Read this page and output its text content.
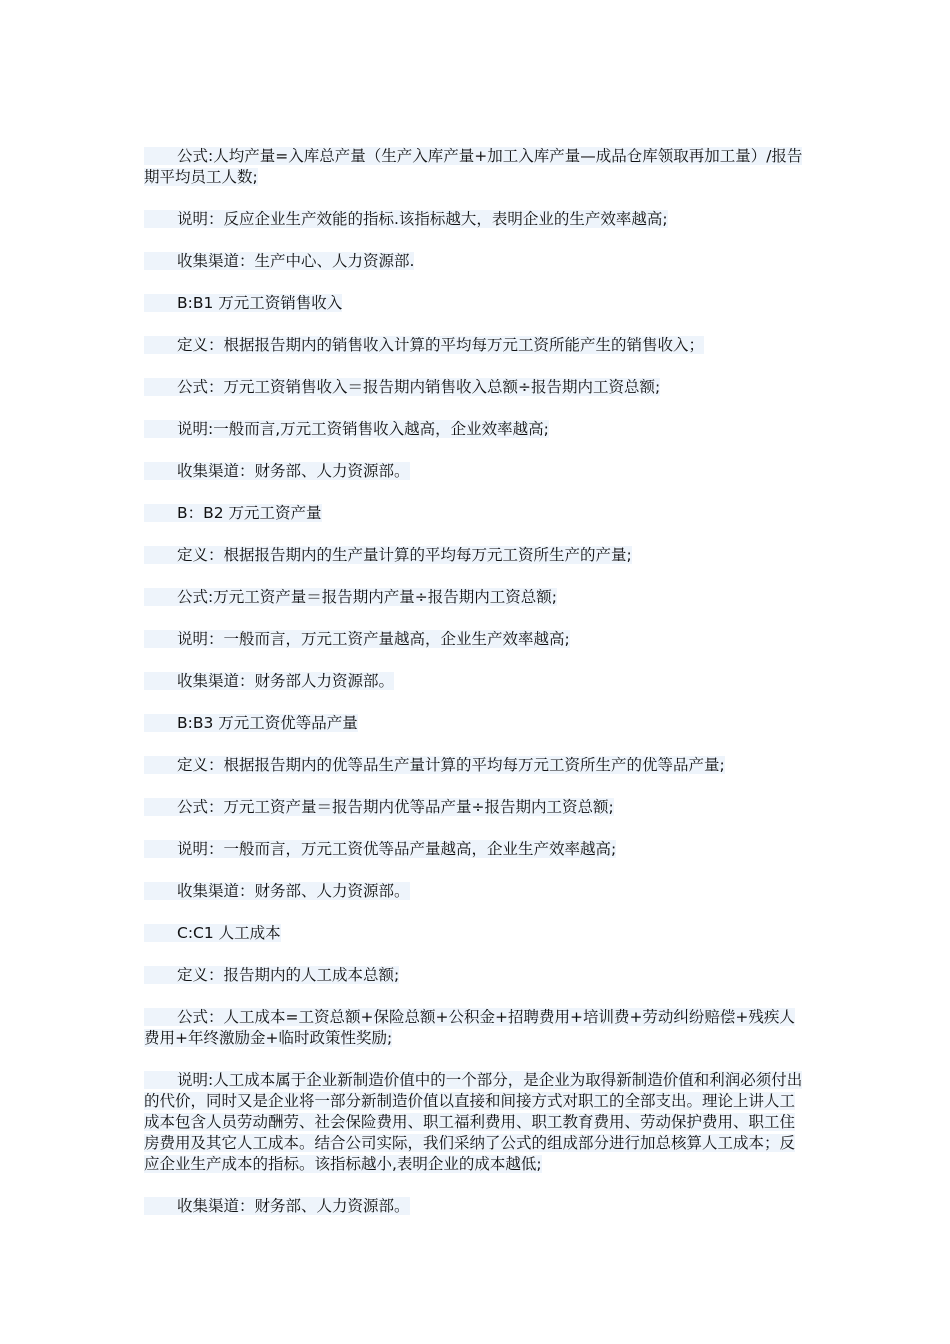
公式:人均产量=入库总产量（生产入库产量+加工入库产量—成品仓库领取再加工量）/报告期平均员工人数;

说明：反应企业生产效能的指标.该指标越大，表明企业的生产效率越高;

收集渠道：生产中心、人力资源部.

B:B1 万元工资销售收入

定义：根据报告期内的销售收入计算的平均每万元工资所能产生的销售收入；

公式：万元工资销售收入＝报告期内销售收入总额÷报告期内工资总额;

说明:一般而言,万元工资销售收入越高，企业效率越高;

收集渠道：财务部、人力资源部。

B：B2 万元工资产量

定义：根据报告期内的生产量计算的平均每万元工资所生产的产量;

公式:万元工资产量＝报告期内产量÷报告期内工资总额;

说明：一般而言，万元工资产量越高，企业生产效率越高;

收集渠道：财务部人力资源部。

B:B3 万元工资优等品产量

定义：根据报告期内的优等品生产量计算的平均每万元工资所生产的优等品产量;

公式：万元工资产量＝报告期内优等品产量÷报告期内工资总额;

说明：一般而言，万元工资优等品产量越高，企业生产效率越高;

收集渠道：财务部、人力资源部。

C:C1 人工成本

定义：报告期内的人工成本总额;

公式：人工成本=工资总额+保险总额+公积金+招聘费用+培训费+劳动纠纷赔偿+残疾人费用+年终激励金+临时政策性奖励;

说明:人工成本属于企业新制造价值中的一个部分，是企业为取得新制造价值和利润必须付出的代价，同时又是企业将一部分新制造价值以直接和间接方式对职工的全部支出。理论上讲人工成本包含人员劳动酬劳、社会保险费用、职工福利费用、职工教育费用、劳动保护费用、职工住房费用及其它人工成本。结合公司实际，我们采纳了公式的组成部分进行加总核算人工成本；反应企业生产成本的指标。该指标越小,表明企业的成本越低;

收集渠道：财务部、人力资源部。
